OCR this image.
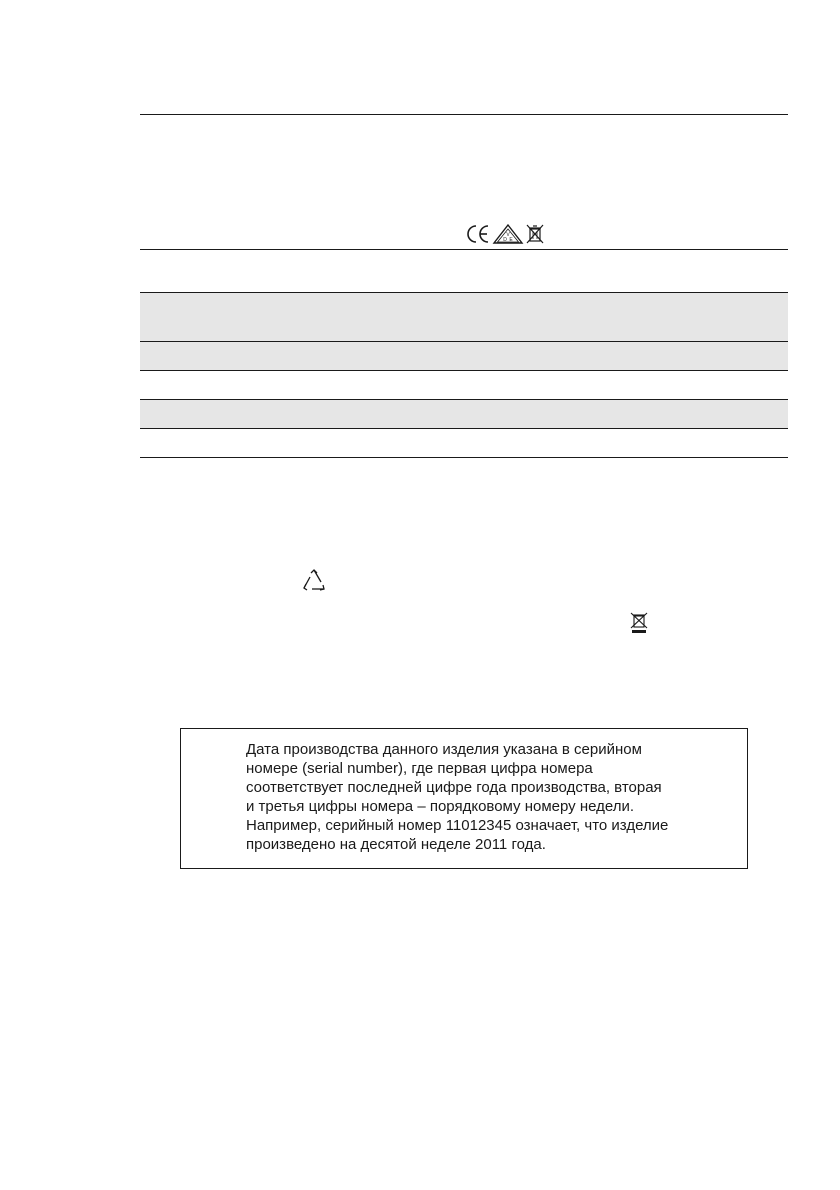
V
D E
Дата производства данного изделия указана в серийном
номере (serial number), где первая цифра номера
соответствует последней цифре года производства, вторая
и третья цифры номера – порядковому номеру недели.
Например, серийный номер 11012345 означает, что изделие
произведено на десятой неделе 2011 года.
